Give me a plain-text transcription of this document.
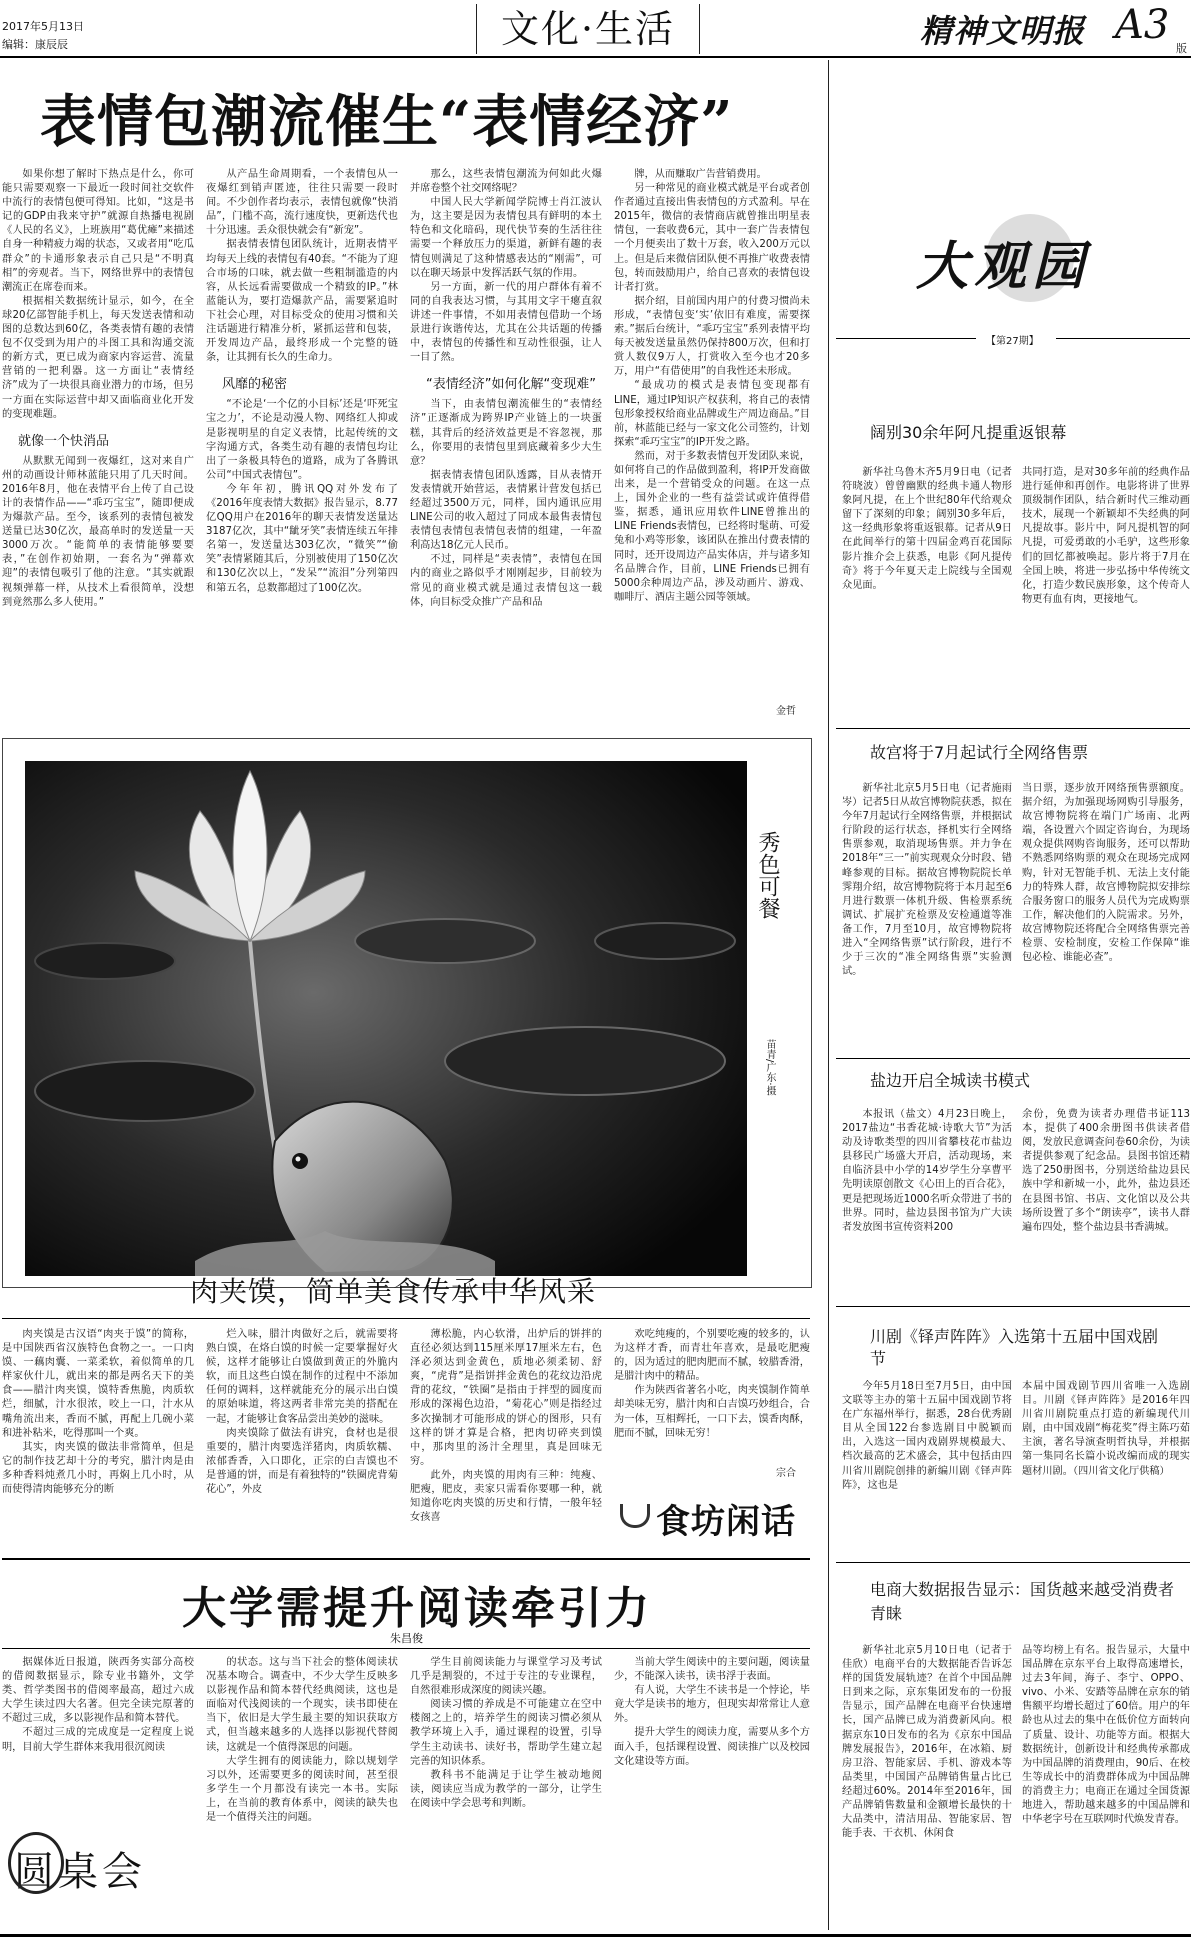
2017年5月13日
编辑：康辰辰	文化·生活	精神文明报 A3
版
表情包潮流催生“表情经济”

如果你想了解时下热点是什么，你可能只需要观察一下最近一段时间社交软件中流行的表情包便可得知。比如，“这是书记的GDP由我来守护”就源自热播电视剧《人民的名义》，上班族用“葛优瘫”来描述自身一种精疲力竭的状态，又或者用“吃瓜群众”的卡通形象表示自己只是“不明真相”的旁观者。当下，网络世界中的表情包潮流正在席卷而来。

根据相关数据统计显示，如今，在全球20亿部智能手机上，每天发送表情和动图的总数达到60亿，各类表情有趣的表情包不仅受到为用户的斗图工具和沟通交流的新方式，更已成为商家内容运营、流量营销的一把利器。这一方面让“表情经济”成为了一块很具商业潜力的市场，但另一方面在实际运营中却又面临商业化开发的变现难题。

就像一个快消品

从默默无闻到一夜爆红，这对来自广州的动画设计师林蓝能只用了几天时间。2016年8月，他在表情平台上传了自己设计的表情作品——“乖巧宝宝”，随即便成为爆款产品。至今，该系列的表情包被发送量已达30亿次，最高单时的发送量一天3000万次。“能简单的表情能够要要表，”在创作初始期，一套名为“弹幕欢迎”的表情包吸引了他的注意。“其实就跟视频弹幕一样，从技术上看很简单，没想到竟然那么多人使用。”

从产品生命周期看，一个表情包从一夜爆红到销声匿迹，往往只需要一段时间。不少创作者均表示，表情包就像“快消品”，门槛不高，流行速度快，更新迭代也十分迅速。丢众很快就会有“新宠”。

据表情表情包团队统计，近期表情平均每天上线的表情包有40套。“不能为了迎合市场的口味，就去做一些粗制滥造的内容，从长远看需要做成一个精致的IP。”林蓝能认为，要打造爆款产品，需要紧追时下社会心理，对目标受众的使用习惯和关注话题进行精准分析，紧抓运营和包装，开发周边产品，最终形成一个完整的链条，让其拥有长久的生命力。

风靡的秘密

“不论是‘一个亿的小目标’还是‘吓死宝宝之力’，不论是动漫人物、网络红人抑或是影视明星的自定义表情，比起传统的文字沟通方式，各类生动有趣的表情包均让出了一条极具特色的道路，成为了各腾讯公司“中国式表情包”。

今年年初，腾讯QQ对外发布了《2016年度表情大数据》报告显示，8.77亿QQ用户在2016年的聊天表情发送量达3187亿次，其中“龇牙笑”表情连续五年排名第一，发送量达303亿次，“微笑”“偷笑”表情紧随其后，分别被使用了150亿次和130亿次以上，“发呆”“流泪”分列第四和第五名，总数都超过了100亿次。

那么，这些表情包潮流为何如此火爆并席卷整个社交网络呢？

中国人民大学新闻学院博士肖江波认为，这主要是因为表情包具有鲜明的本土特色和文化暗码，现代快节奏的生活往往需要一个释放压力的渠道，新鲜有趣的表情包则满足了这种情感表达的“刚需”，可以在聊天场景中发挥活跃气氛的作用。

另一方面，新一代的用户群体有着不同的自我表达习惯，与其用文字干瘪直叙讲述一件事情，不如用表情包借助一个场景进行诙谐传达，尤其在公共话题的传播中，表情包的传播性和互动性很强，让人一目了然。

“表情经济”如何化解“变现难”

当下，由表情包潮流催生的“表情经济”正逐渐成为跨界IP产业链上的一块蛋糕，其背后的经济效益更是不容忽视，那么，你要用的表情包里到底藏着多少大生意？

据表情表情包团队透露，目从表情开发表情就开始营运，表情累计营发包括已经超过3500万元，同样，国内通讯应用LINE公司的收入超过了同成本最售表情包表情包表情包表情包表情的组建，一年盈利高达18亿元人民币。

不过，同样是“卖表情”，表情包在国内的商业之路似乎才刚刚起步，目前较为常见的商业模式就是通过表情包这一载体，向目标受众推广产品和品

牌，从而赚取广告营销费用。

另一种常见的商业模式就是平台或者创作者通过直接出售表情包的方式盈利。早在2015年，微信的表情商店就曾推出明星表情包，一套收费6元，其中一套广告表情包一个月便卖出了数十万套，收入200万元以上。但是后来微信团队便不再推广收费表情包，转而鼓励用户，给自己喜欢的表情包设计者打赏。

据介绍，目前国内用户的付费习惯尚未形成，“表情包变‘实’依旧有难度，需要探索。”据后台统计，“乖巧宝宝”系列表情平均每天被发送量虽然仍保持800万次，但和打赏人数仅9万人，打赏收入至今也才20多万，用户“有借使用”的自我性还未形成。

“最成功的模式是表情包变现都有LINE，通过IP知识产权获利，将自己的表情包形象授权给商业品牌或生产周边商品。”目前，林蓝能已经与一家文化公司签约，计划探索“乖巧宝宝”的IP开发之路。

然而，对于多数表情包开发团队来说，如何将自己的作品做到盈利，将IP开发商做出来，是一个营销受众的问题。在这一点上，国外企业的一些有益尝试或许值得借鉴，据悉，通讯应用软件LINE曾推出的LINE Friends表情包，已经将时髦萌、可爱兔和小鸡等形象，该团队在推出付费表情的同时，还开设周边产品实体店，并与诸多知名品牌合作，目前，LINE Friends已拥有5000余种周边产品，涉及动画片、游戏、咖啡厅、酒店主题公园等领域。

金哲
秀色可餐
苗青/广东·摄
肉夹馍，简单美食传承中华风采

肉夹馍是古汉语“肉夹于馍”的简称，是中国陕西省汉族特色食物之一。一口肉馍、一藕肉囊、一菜柔软，着似简单的几样家伙什儿，就出来的都是两名天下的美食——腊汁肉夹馍，馍特香焦脆，肉质软烂，细腻，汁水很浓，咬上一口，汁水从嘴角流出来，香而不腻，再配上几碗小菜和进补粘米，吃得那叫一个爽。

其实，肉夹馍的做法非常简单，但是它的制作技艺却十分的考究，腊汁肉是由多种香料炖煮几小时，再焖上几小时，从而使得清肉能够充分的断

烂入味，腊汁肉做好之后，就需要将熟白馍，在烙白馍的时候一定要掌握好火候，这样才能够让白馍做到黄正的外脆内软，而且这些白馍在制作的过程中不添加任何的调料，这样就能充分的展示出白馍的原始味道，将这两者非常完美的搭配在一起，才能够让食客品尝出美妙的滋味。

肉夹馍除了做法有讲究，食材也是很重要的，腊汁肉要选洋猪肉，肉质软糯、浓郁香香，入口即化，正宗的白吉馍也不是普通的饼，而是有着独特的“铁圈虎背菊花心”，外皮

薄松脆，内心软滑，出炉后的饼拌的直径必须达到115厘米厚17厘米左右，色泽必须达到金黄色，质地必须柔韧、舒爽，“虎背”是指饼拌金黄色的花纹边沿虎背的花纹，“铁圈”是指由于拌型的圆度而形成的深褐色边沿，“菊花心”则是指经过多次操制才可能形成的饼心的图形，只有这样的饼才算是合格，把肉切碎夹到馍中，那肉里的汤汁全理里，真是回味无穷。

此外，肉夹馍的用肉有三种：纯瘦、肥瘦，肥皮，卖家只需看你要哪一种，就知道你吃肉夹馍的历史和行情，一般年轻女孩喜

欢吃纯瘦的，个别要吃瘦的较多的，认为这样才香，而青壮年喜欢，是最吃肥瘦的，因为适过的肥肉肥而不腻，较腊香滑，是腊汁肉中的精品。

作为陕西省著名小吃，肉夹馍制作简单却美味无穷，腊汁肉和白吉馍巧妙组合，合为一体，互相辉托，一口下去，馍香肉酥，肥而不腻，回味无穷！

宗合
食坊闲话
大学需提升阅读牵引力
朱昌俊

据媒体近日报道，陕西务实部分高校的借阅数据显示，除专业书籍外，文学类、哲学类图书的借阅率最高，超过六成大学生读过四大名著。但完全读完原著的不超过三成，多以影视作品和简本替代。

不超过三成的完成度是一定程度上说明，目前大学生群体来我用很沉阅读

的状态。这与当下社会的整体阅读状况基本吻合。调查中，不少大学生反映多以影视作品和简本替代经典阅读，这也是面临对代浅阅读的一个现实，读书即使在当下，依旧是大学生最主要的知识获取方式，但当越来越多的人选择以影视代替阅读，这就是一个值得深思的问题。

大学生拥有的阅读能力，除以规划学习以外，还需要更多的阅读时间，甚至很多学生一个月都没有读完一本书。实际上，在当前的教育体系中，阅读的缺失也是一个值得关注的问题。

学生目前阅读能力与课堂学习及考试几乎是割裂的，不过于专注的专业课程，自然很难形成深度的阅读兴趣。

阅读习惯的养成是不可能建立在空中楼阁之上的，培养学生的阅读习惯必须从教学环境上入手，通过课程的设置，引导学生主动读书、读好书，帮助学生建立起完善的知识体系。

教科书不能满足于让学生被动地阅读，阅读应当成为教学的一部分，让学生在阅读中学会思考和判断。

当前大学生阅读中的主要问题，阅读量少，不能深入读书，读书浮于表面。

有人说，大学生不读书是一个悖论，毕竟大学是读书的地方，但现实却常常让人意外。

提升大学生的阅读力度，需要从多个方面入手，包括课程设置、阅读推广以及校园文化建设等方面。

圆桌会
大观园
【第27期】
阔别30余年阿凡提重返银幕

新华社乌鲁木齐5月9日电（记者符晓波）曾曾幽默的经典卡通人物形象阿凡提，在上个世纪80年代给观众留下了深刻的印象；阔别30多年后，这一经典形象将重返银幕。记者从9日在此间举行的第十四届金鸡百花国际影片推介会上获悉，电影《阿凡提传奇》将于今年夏天走上院线与全国观众见面。

共同打造，是对30多年前的经典作品进行延伸和再创作。电影将讲了世界顶级制作团队，结合新时代三维动画技术，展现一个新颖却不失经典的阿凡提故事。影片中，阿凡提机智的阿凡提，可爱勇敢的小毛驴，这些形象们的回忆都被唤起。影片将于7月在全国上映，将进一步弘扬中华传统文化，打造少数民族形象，这个传奇人物更有血有肉，更接地气。

故宫将于7月起试行全网络售票

新华社北京5月5日电（记者施雨岑）记者5日从故宫博物院获悉，拟在今年7月起试行全网络售票，并根据试行阶段的运行状态，择机实行全网络售票参观，取消现场售票。并力争在2018年“三一”前实现观众分时段、错峰参观的目标。据故宫博物院院长单霁翔介绍，故宫博物院将于本月起至6月进行数票一体机升级、售检票系统调试、扩展扩充检票及安检通道等准备工作，7月至10月，故宫博物院将进入“全网络售票”试行阶段，进行不少于三次的“准全网络售票”实验测试。

当日票，逐步放开网络预售票额度。据介绍，为加强现场网购引导服务，故宫博物院将在端门广场南、北两端，各设置六个固定咨询台，为现场观众提供网购咨询服务，还可以帮助不熟悉网络购票的观众在现场完成网购，针对无智能手机、无法上支付能力的特殊人群，故宫博物院拟安排综合服务窗口的服务人员代为完成购票工作，解决他们的入院需求。另外，故宫博物院还将配合全网络售票完善检票、安检制度，安检工作保障“谁包必检、谁能必查”。

盐边开启全城读书模式

本报讯（盐文）4月23日晚上，2017盐边“书香花城·诗歌大节”为活动及诗歌类型的四川省攀枝花市盐边县移民广场盛大开启，活动现场，来自临济县中小学的14岁学生分享曹平先明读原创散文《心田上的百合花》，更是把现场近1000名听众带进了书的世界。同时，盐边县图书馆为广大读者发放图书宣传资料200

余份，免费为读者办理借书证113本，提供了400余册图书供读者借阅，发放民意调查问卷60余份，为读者提供参观了纪念品。县图书馆还精选了250册图书，分别送给盐边县民族中学和新城一小，此外，盐边县还在县图书馆、书店、文化馆以及公共场所设置了多个“朗读亭”，读书人群遍布四处，整个盐边县书香满城。

川剧《铎声阵阵》入选第十五届中国戏剧节

今年5月18日至7月5日，由中国文联等主办的第十五届中国戏剧节将在广东福州举行，据悉，28台优秀剧目从全国122台参选剧目中脱颖而出，入选这一国内戏剧界规模最大、档次最高的艺术盛会，其中包括由四川省川剧院创排的新编川剧《铎声阵阵》，这也是

本届中国戏剧节四川省唯一入选剧目。川剧《铎声阵阵》是2016年四川省川剧院重点打造的新编现代川剧，由中国戏剧“梅花奖”得主陈巧茹主演，著名导演查明哲执导，并根据第一集同名长篇小说改编而成的现实题材川剧。（四川省文化厅供稿）

电商大数据报告显示：国货越来越受消费者青睐

新华社北京5月10日电（记者于佳欣）电商平台的大数据能否告诉怎样的国货发展轨迹？在首个中国品牌日到来之际，京东集团发布的一份报告显示，国产品牌在电商平台快速增长，国产品牌已成为消费新风向。根据京东10日发布的名为《京东中国品牌发展报告》，2016年，在冰箱、厨房卫浴、智能家居、手机、游戏本等品类里，中国国产品牌销售量占比已经超过60%。2014年至2016年，国产品牌销售数量和金额增长最快的十大品类中，清洁用品、智能家居、智能手表、干衣机、休闲食

品等均榜上有名。报告显示，大量中国品牌在京东平台上取得高速增长，过去3年间，海子、李宁、OPPO、vivo、小米、安踏等品牌在京东的销售额平均增长超过了60倍。用户的年龄也从过去的集中在低价位方面转向了质量、设计、功能等方面。根据大数据统计，创新设计和经典传承都成为中国品牌的消费理由，90后、在校生等成长中的消费群体成为中国品牌的消费主力；电商正在通过全国货源地进入，帮助越来越多的中国品牌和中华老字号在互联网时代焕发青春。
